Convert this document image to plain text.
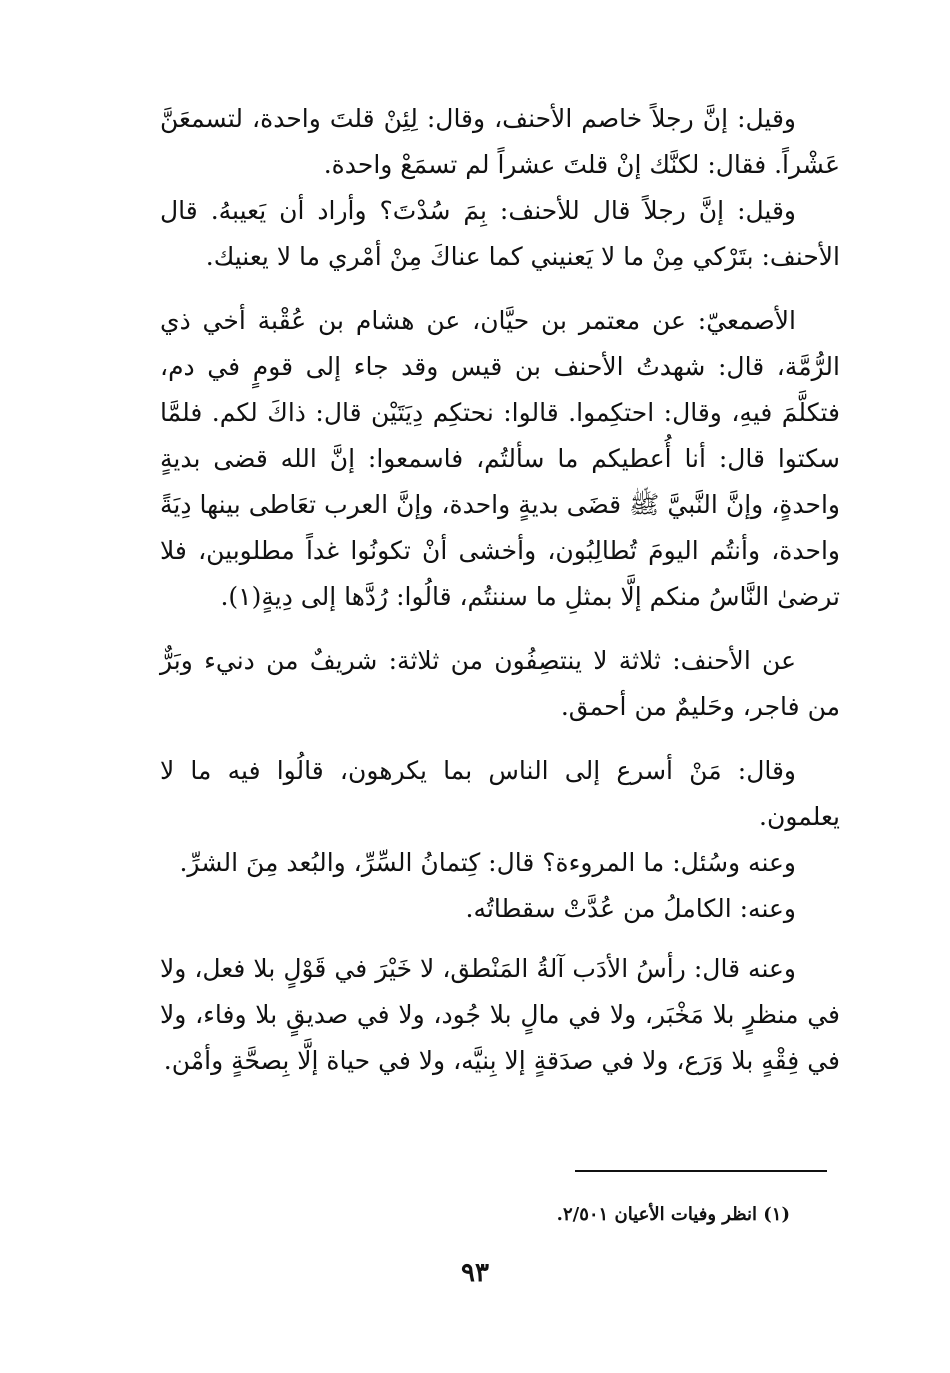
وقيل: إنَّ رجلاً خاصم الأحنف، وقال: لِئِنْ قلتَ واحدة، لتسمعَنَّ عَشْراً. فقال: لكنَّك إنْ قلتَ عشراً لم تسمَعْ واحدة.

وقيل: إنَّ رجلاً قال للأحنف: بِمَ سُدْتَ؟ وأراد أن يَعيبهُ. قال الأحنف: بتَرْكي مِنْ ما لا يَعنيني كما عناكَ مِنْ أمْري ما لا يعنيك.

الأصمعيّ: عن معتمر بن حيَّان، عن هشام بن عُقْبة أخي ذي الرُّمَّة، قال: شهدتُ الأحنف بن قيس وقد جاء إلى قومٍ في دم، فتكلَّمَ فيهِ، وقال: احتكِموا. قالوا: نحتكِم دِيَتَيْن قال: ذاكَ لكم. فلمَّا سكتوا قال: أنا أُعطيكم ما سألتُم، فاسمعوا: إنَّ الله قضى بديةٍ واحدةٍ، وإنَّ النَّبيَّ ﷺ قضَى بديةٍ واحدة، وإنَّ العرب تعَاطى بينها دِيَةً واحدة، وأنتُم اليومَ تُطالِبُون، وأخشى أنْ تكونُوا غداً مطلوبين، فلا ترضىٰ النَّاسُ منكم إلَّا بمثلِ ما سننتُم، قالُوا: رُدَّها إلى دِيةٍ(١).

عن الأحنف: ثلاثة لا ينتصِفُون من ثلاثة: شريفٌ من دنيء وبَرٌّ من فاجر، وحَليمٌ من أحمق.

وقال: مَنْ أسرع إلى الناس بما يكرهون، قالُوا فيه ما لا يعلمون.

وعنه وسُئل: ما المروءة؟ قال: كِتمانُ السِّرِّ، والبُعد مِنَ الشرِّ.

وعنه: الكاملُ من عُدَّتْ سقطاتُه.

وعنه قال: رأسُ الأدَب آلةُ المَنْطق، لا خَيْرَ في قَوْلٍ بلا فعل، ولا في منظرٍ بلا مَخْبَر، ولا في مالٍ بلا جُود، ولا في صديقٍ بلا وفاء، ولا في فِقْهٍ بلا وَرَع، ولا في صدَقةٍ إلا بِنيَّه، ولا في حياة إلَّا بِصحَّةٍ وأمْن.

(١) انظر وفيات الأعيان ٢/٥٠١.
٩٣
